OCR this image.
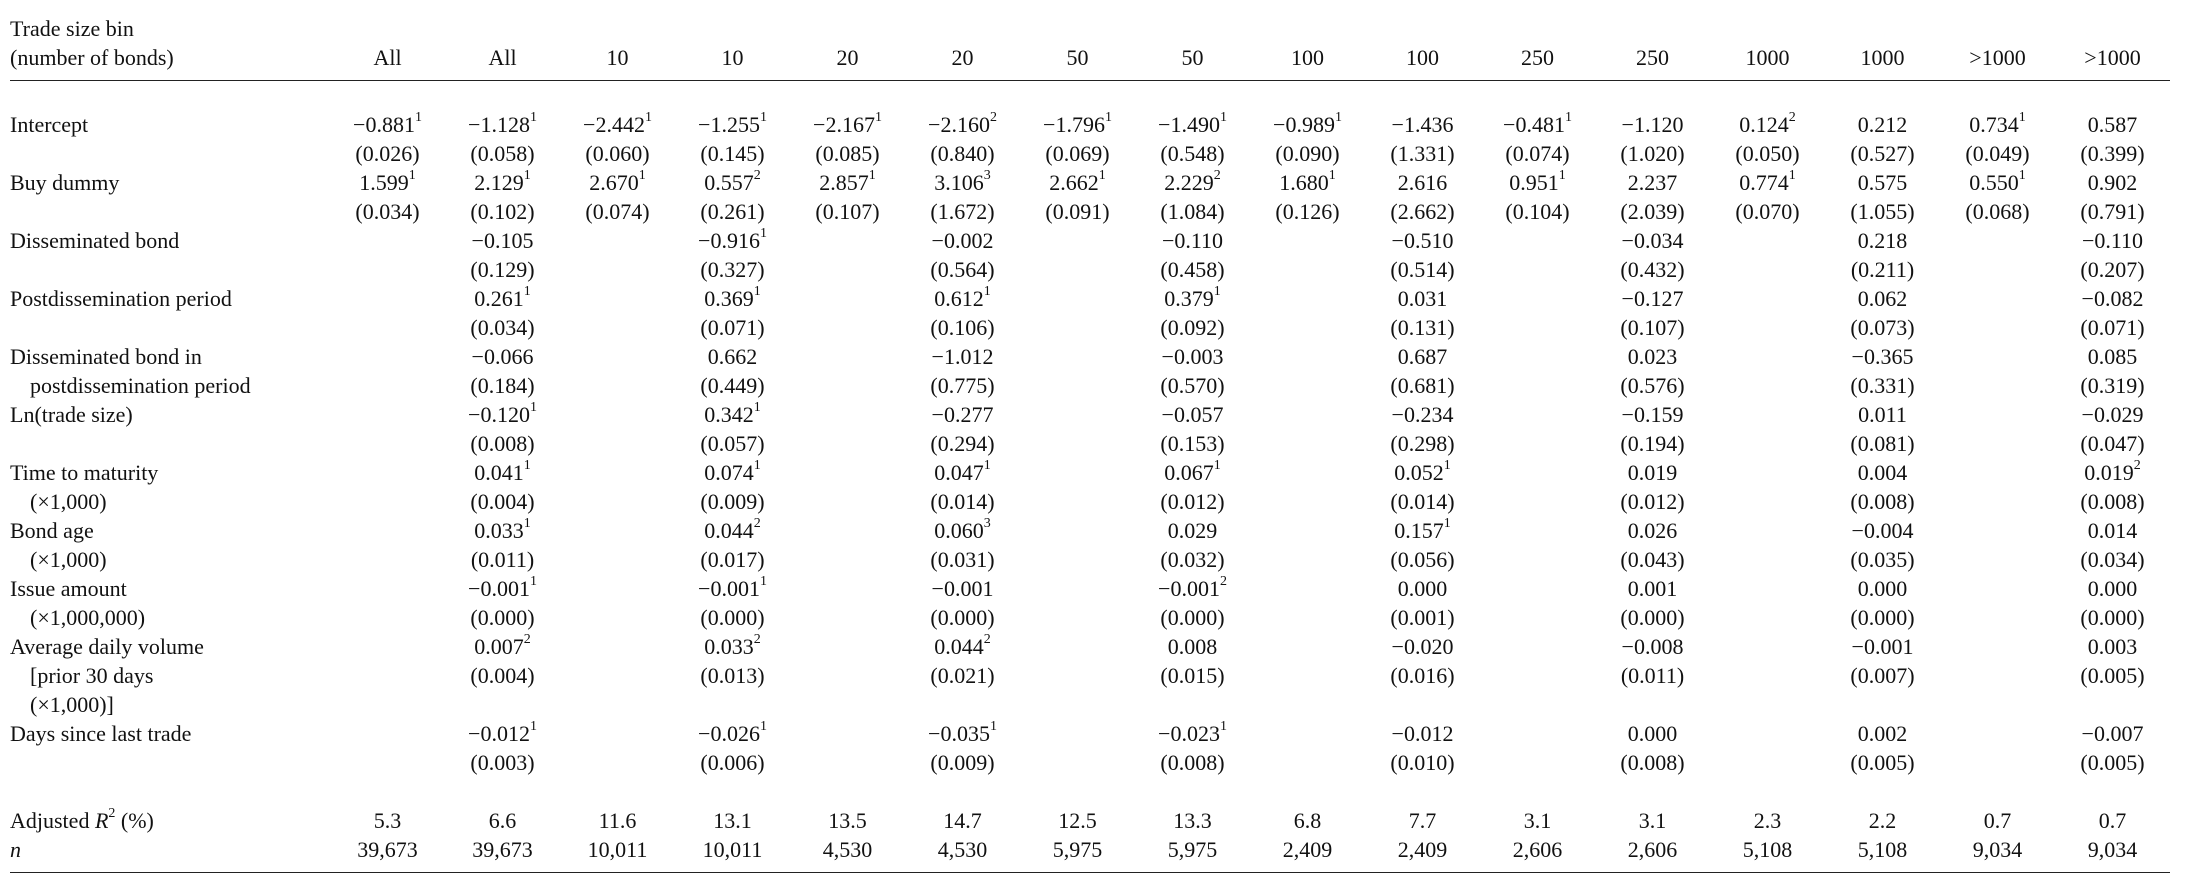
Trade size bin																
(number of bonds)	All	All	10	10	20	20	50	50	100	100	250	250	1000	1000	>1000	>1000

Intercept	$-0.881^1$	$-1.128^1$	$-2.442^1$	$-1.255^1$	$-2.167^1$	$-2.160^2$	$-1.796^1$	$-1.490^1$	$-0.989^1$	−1.436	$-0.481^1$	−1.120	0.124$^2$	0.212	0.734$^1$	0.587
	(0.026)	(0.058)	(0.060)	(0.145)	(0.085)	(0.840)	(0.069)	(0.548)	(0.090)	(1.331)	(0.074)	(1.020)	(0.050)	(0.527)	(0.049)	(0.399)
Buy dummy	1.599$^1$	2.129$^1$	2.670$^1$	0.557$^2$	2.857$^1$	3.106$^3$	2.662$^1$	2.229$^2$	1.680$^1$	2.616	0.951$^1$	2.237	0.774$^1$	0.575	0.550$^1$	0.902
	(0.034)	(0.102)	(0.074)	(0.261)	(0.107)	(1.672)	(0.091)	(1.084)	(0.126)	(2.662)	(0.104)	(2.039)	(0.070)	(1.055)	(0.068)	(0.791)
Disseminated bond		−0.105		$-0.916^1$		−0.002		−0.110		−0.510		−0.034		0.218		−0.110
		(0.129)		(0.327)		(0.564)		(0.458)		(0.514)		(0.432)		(0.211)		(0.207)
Postdissemination period		0.261$^1$		0.369$^1$		0.612$^1$		0.379$^1$		0.031		−0.127		0.062		−0.082
		(0.034)		(0.071)		(0.106)		(0.092)		(0.131)		(0.107)		(0.073)		(0.071)
Disseminated bond in		−0.066		0.662		−1.012		−0.003		0.687		0.023		−0.365		0.085
postdissemination period		(0.184)		(0.449)		(0.775)		(0.570)		(0.681)		(0.576)		(0.331)		(0.319)
Ln(trade size)		$-0.120^1$		0.342$^1$		−0.277		−0.057		−0.234		−0.159		0.011		−0.029
		(0.008)		(0.057)		(0.294)		(0.153)		(0.298)		(0.194)		(0.081)		(0.047)
Time to maturity		0.041$^1$		0.074$^1$		0.047$^1$		0.067$^1$		0.052$^1$		0.019		0.004		0.019$^2$
(×1,000)		(0.004)		(0.009)		(0.014)		(0.012)		(0.014)		(0.012)		(0.008)		(0.008)
Bond age		0.033$^1$		0.044$^2$		0.060$^3$		0.029		0.157$^1$		0.026		−0.004		0.014
(×1,000)		(0.011)		(0.017)		(0.031)		(0.032)		(0.056)		(0.043)		(0.035)		(0.034)
Issue amount		$-0.001^1$		$-0.001^1$		−0.001		$-0.001^2$		0.000		0.001		0.000		0.000
(×1,000,000)		(0.000)		(0.000)		(0.000)		(0.000)		(0.001)		(0.000)		(0.000)		(0.000)
Average daily volume		0.007$^2$		0.033$^2$		0.044$^2$		0.008		−0.020		−0.008		−0.001		0.003
[prior 30 days		(0.004)		(0.013)		(0.021)		(0.015)		(0.016)		(0.011)		(0.007)		(0.005)
(×1,000)]																
Days since last trade		$-0.012^1$		$-0.026^1$		$-0.035^1$		$-0.023^1$		−0.012		0.000		0.002		−0.007
		(0.003)		(0.006)		(0.009)		(0.008)		(0.010)		(0.008)		(0.005)		(0.005)

Adjusted $R^2$ (%)	5.3	6.6	11.6	13.1	13.5	14.7	12.5	13.3	6.8	7.7	3.1	3.1	2.3	2.2	0.7	0.7
n	39,673	39,673	10,011	10,011	4,530	4,530	5,975	5,975	2,409	2,409	2,606	2,606	5,108	5,108	9,034	9,034
